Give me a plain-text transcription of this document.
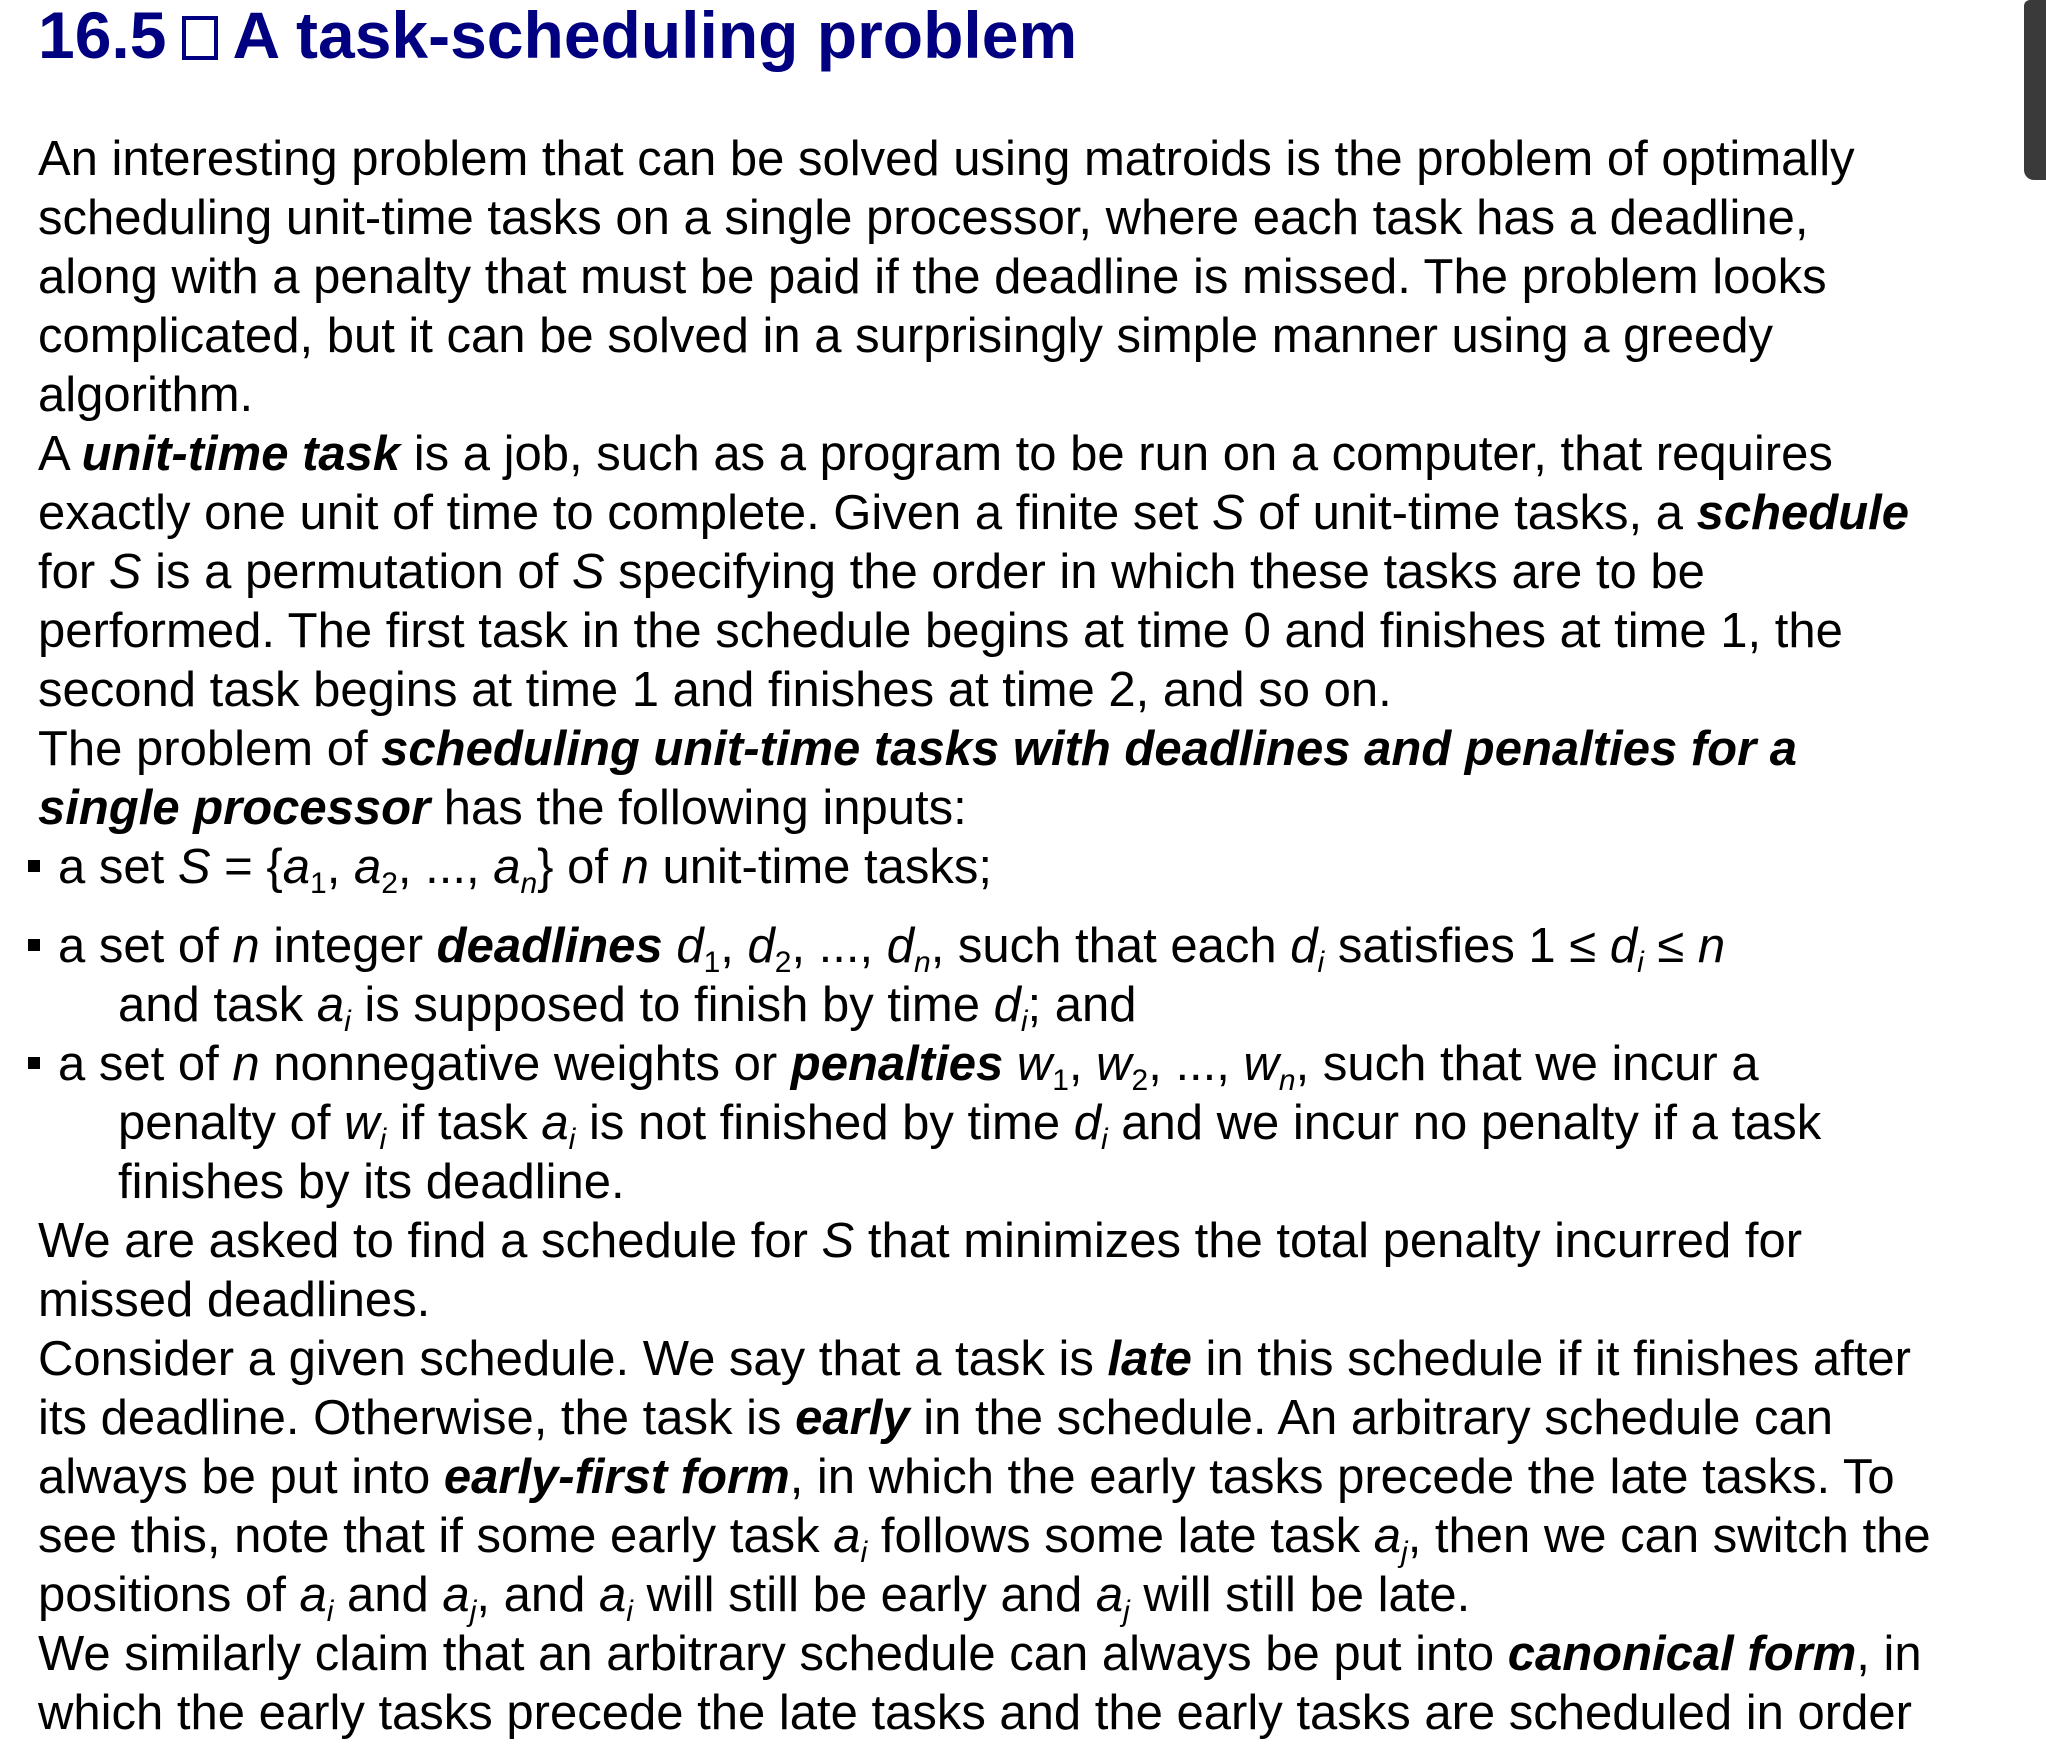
16.5 A task-scheduling problem

An interesting problem that can be solved using matroids is the problem of optimally
scheduling unit-time tasks on a single processor, where each task has a deadline,
along with a penalty that must be paid if the deadline is missed. The problem looks
complicated, but it can be solved in a surprisingly simple manner using a greedy
algorithm.

A unit-time task is a job, such as a program to be run on a computer, that requires
exactly one unit of time to complete. Given a finite set S of unit-time tasks, a schedule
for S is a permutation of S specifying the order in which these tasks are to be
performed. The first task in the schedule begins at time 0 and finishes at time 1, the
second task begins at time 1 and finishes at time 2, and so on.

The problem of scheduling unit-time tasks with deadlines and penalties for a
single processor has the following inputs:

a set $S = \{a_1$, $a_2$, ..., $a_n$} of n unit-time tasks;
a set of n integer deadlines $d_1$, $d_2$, ..., $d_n$, such that each $d_i$ satisfies $1 \le d_i \le n$
and task $a_i$ is supposed to finish by time $d_i$; and
a set of n nonnegative weights or penalties $w_1$, $w_2$, ..., $w_n$, such that we incur a
penalty of $w_i$ if task $a_i$ is not finished by time $d_i$ and we incur no penalty if a task
finishes by its deadline.

We are asked to find a schedule for S that minimizes the total penalty incurred for
missed deadlines.

Consider a given schedule. We say that a task is late in this schedule if it finishes after
its deadline. Otherwise, the task is early in the schedule. An arbitrary schedule can
always be put into early-first form, in which the early tasks precede the late tasks. To
see this, note that if some early task $a_i$ follows some late task $a_j$, then we can switch the
positions of $a_i$ and $a_j$, and $a_i$ will still be early and $a_j$ will still be late.

We similarly claim that an arbitrary schedule can always be put into canonical form, in
which the early tasks precede the late tasks and the early tasks are scheduled in order
